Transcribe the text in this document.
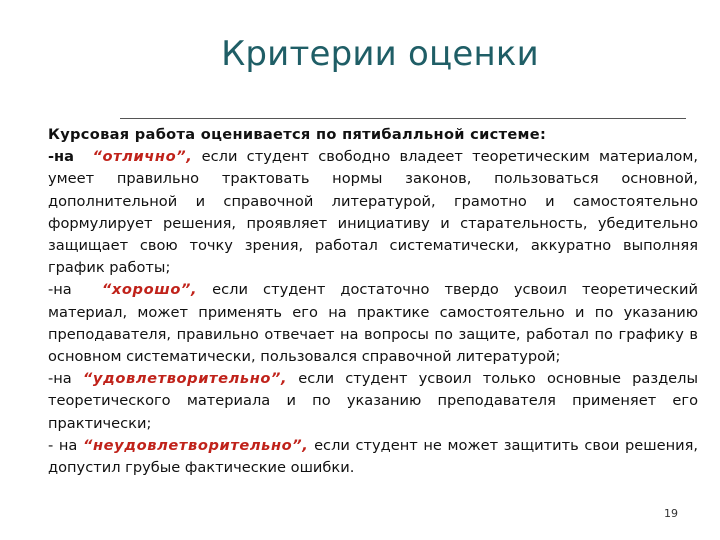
Критерии оценки

Курсовая работа оценивается по пятибалльной системе:

-на “отлично”, если студент свободно владеет теоретическим материалом, умеет правильно трактовать нормы законов, пользоваться основной, дополнительной и справочной литературой, грамотно и самостоятельно формулирует решения, проявляет инициативу и старательность, убедительно защищает свою точку зрения, работал систематически, аккуратно выполняя график работы;

-на “хорошо”, если студент достаточно твердо усвоил теоретический материал, может применять его на практике самостоятельно и по указанию преподавателя, правильно отвечает на вопросы по защите, работал по графику в основном систематически, пользовался справочной литературой;

-на “удовлетворительно”, если студент усвоил только основные разделы теоретического материала и по указанию преподавателя применяет его практически;

- на “неудовлетворительно”, если студент не может защитить свои решения, допустил грубые фактические ошибки.

19
